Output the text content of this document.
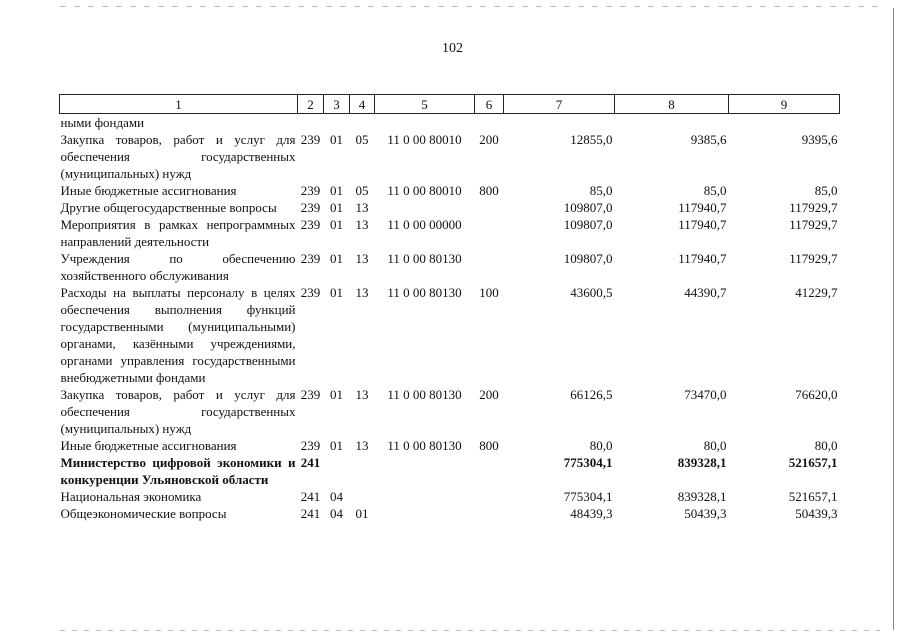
102
1	2	3	4	5	6	7	8	9
ными фондами								
Закупка товаров, работ и услуг для обеспечения государственных (муниципальных) нужд	239	01	05	11 0 00 80010	200	12855,0	9385,6	9395,6
Иные бюджетные ассигнования	239	01	05	11 0 00 80010	800	85,0	85,0	85,0
Другие общегосударственные вопросы	239	01	13			109807,0	117940,7	117929,7
Мероприятия в рамках непрограммных направлений деятельности	239	01	13	11 0 00 00000		109807,0	117940,7	117929,7
Учреждения по обеспечению хозяйственного обслуживания	239	01	13	11 0 00 80130		109807,0	117940,7	117929,7
Расходы на выплаты персоналу в целях обеспечения выполнения функций государственными (муниципальными) органами, казёнными учреждениями, органами управления государственными внебюджетными фондами	239	01	13	11 0 00 80130	100	43600,5	44390,7	41229,7
Закупка товаров, работ и услуг для обеспечения государственных (муниципальных) нужд	239	01	13	11 0 00 80130	200	66126,5	73470,0	76620,0
Иные бюджетные ассигнования	239	01	13	11 0 00 80130	800	80,0	80,0	80,0
Министерство цифровой экономики и конкуренции Ульяновской области	241					775304,1	839328,1	521657,1
Национальная экономика	241	04				775304,1	839328,1	521657,1
Общеэкономические вопросы	241	04	01			48439,3	50439,3	50439,3
